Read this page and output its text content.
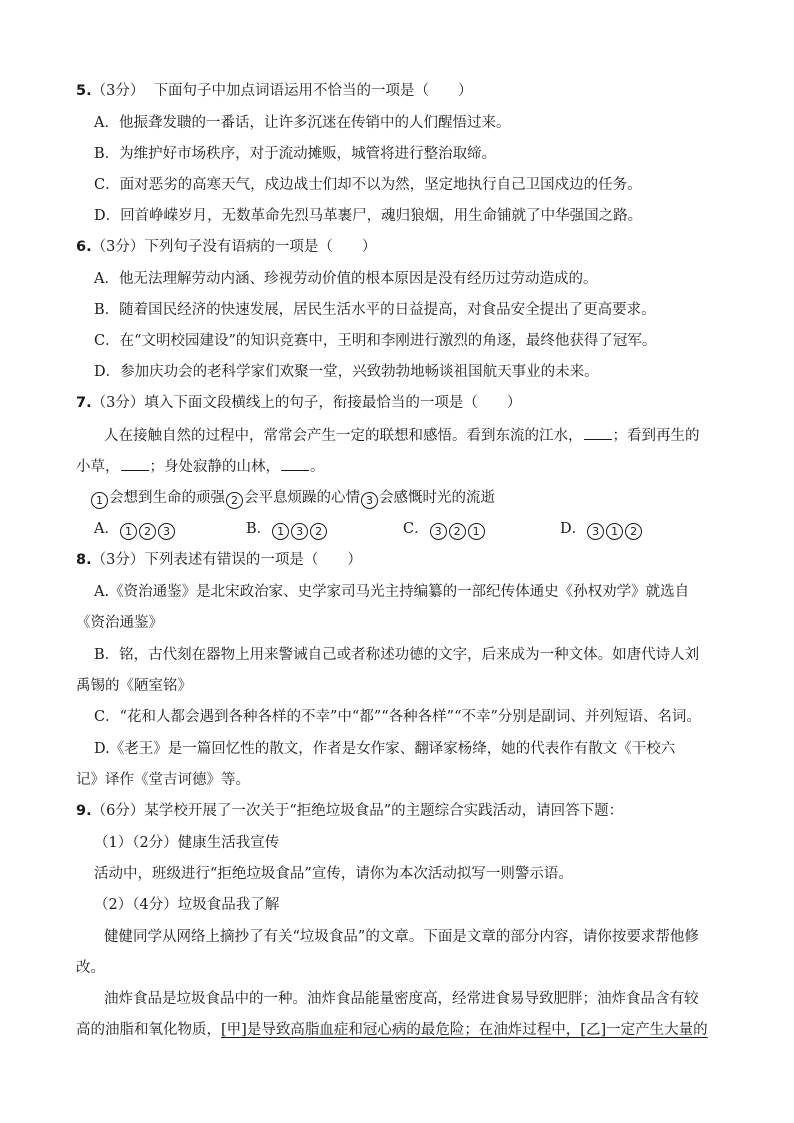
5.（3分） 下面句子中加点词语运用不恰当的一项是（　　）
A．他振聋发聩的一番话，让许多沉迷在传销中的人们醒悟过来。
B．为维护好市场秩序，对于流动摊贩，城管将进行整治取缔。
C．面对恶劣的高寒天气，戍边战士们却不以为然，坚定地执行自己卫国戍边的任务。
D．回首峥嵘岁月，无数革命先烈马革裹尸，魂归狼烟，用生命铺就了中华强国之路。
6.（3分）下列句子没有语病的一项是（　　）
A．他无法理解劳动内涵、珍视劳动价值的根本原因是没有经历过劳动造成的。
B．随着国民经济的快速发展，居民生活水平的日益提高，对食品安全提出了更高要求。
C．在“文明校园建设”的知识竞赛中，王明和李刚进行激烈的角逐，最终他获得了冠军。
D．参加庆功会的老科学家们欢聚一堂，兴致勃勃地畅谈祖国航天事业的未来。
7.（3分）填入下面文段横线上的句子，衔接最恰当的一项是（　　）
人在接触自然的过程中，常常会产生一定的联想和感悟。看到东流的江水， ；看到再生的
小草， ；身处寂静的山林， 。
1 会想到生命的顽强 2 会平息烦躁的心情 3 会感慨时光的流逝
A． 1 2 3	B． 1 3 2	C． 3 2 1	D． 3 1 2
8.（3分）下列表述有错误的一项是（　　）
A.《资治通鉴》是北宋政治家、史学家司马光主持编纂的一部纪传体通史《孙权劝学》就选自
《资治通鉴》
B．铭，古代刻在器物上用来警诫自己或者称述功德的文字，后来成为一种文体。如唐代诗人刘
禹锡的《陋室铭》
C．“花和人都会遇到各种各样的不幸”中“都”“各种各样”“不幸”分别是副词、并列短语、名词。
D.《老王》是一篇回忆性的散文，作者是女作家、翻译家杨绛，她的代表作有散文《干校六
记》译作《堂吉诃德》等。
9.（6分）某学校开展了一次关于“拒绝垃圾食品”的主题综合实践活动，请回答下题：
（1）（2分）健康生活我宣传
活动中，班级进行“拒绝垃圾食品”宣传，请你为本次活动拟写一则警示语。
（2）（4分）垃圾食品我了解
健健同学从网络上摘抄了有关“垃圾食品”的文章。下面是文章的部分内容，请你按要求帮他修
改。
油炸食品是垃圾食品中的一种。油炸食品能量密度高，经常进食易导致肥胖；油炸食品含有较
高的油脂和氧化物质，[甲]是导致高脂血症和冠心病的最危险；在油炸过程中，[乙]一定产生大量的
